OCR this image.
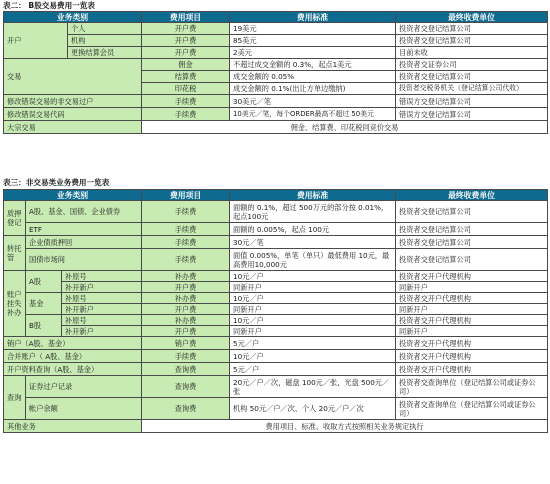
表二： B股交易费用一览表
业务类别		费用项目	费用标准	最终收费单位
开户	个人	开户费	19美元	投资者交登记结算公司
	机构	开户费	85美元	投资者交登记结算公司
	更换结算会员	开户费	2美元	目前未收
交易		佣金	不超过成交金额的 0.3%，起点1美元	投资者交证券公司
		结算费	成交金额的 0.05%	投资者交登记结算公司
		印花税	成交金额的 0.1%(出让方单边缴纳)	投资者交税务机关（登记结算公司代收）
修改错误交易的非交易过户		手续费	30美元／笔	错误方交登记结算公司
修改错误交易代码		手续费	10美元／笔，每个ORDER最高不超过 50美元	错误方交登记结算公司
大宗交易		佣金、结算费、印花税同竞价交易		
表三：非交易类业务费用一览表
业务类别			费用项目	费用标准	最终收费单位
质押登记	A股、基金、国债、企业债券		手续费	面额的 0.1%，超过 500万元的部分按 0.01%，起点100元	投资者交登记结算公司
	ETF		手续费	面额的 0.005%，起点 100元	投资者交登记结算公司
转托管	企业债质押回		手续费	30元／笔	投资者交登记结算公司
	国债市场间		手续费	面值 0.005%，单笔（单只）最低费用 10元，最高费用10,000元	投资者交登记结算公司
账户挂失补办	A股	补原号	补办费	10元／户	投资者交开户代理机构
		补开新户	开户费	同新开户	同新开户
	基金	补原号	补办费	10元／户	投资者交开户代理机构
		补开新户	开户费	同新开户	同新开户
	B股	补原号	补办费	10元／户	投资者交开户代理机构
		补开新户	开户费	同新开户	同新开户
销户（A股、基金）			销户费	5元／户	投资者交开户代理机构
合并账户（ A股、基金）			手续费	10元／户	投资者交开户代理机构
开户资料查询（A股、基金）			查询费	5元／户	投资者交开户代理机构
查询	证券过户记录		查询费	20元／户／次，磁盘 100元／张，光盘 500元／张	投资者交查询单位（登记结算公司或证券公司）
	帐户余额		查询费	机构 50元／户／次、个人 20元／户／次	投资者交查询单位（登记结算公司或证券公司）
其他业务			费用项目、标准、收取方式按照相关业务规定执行		
